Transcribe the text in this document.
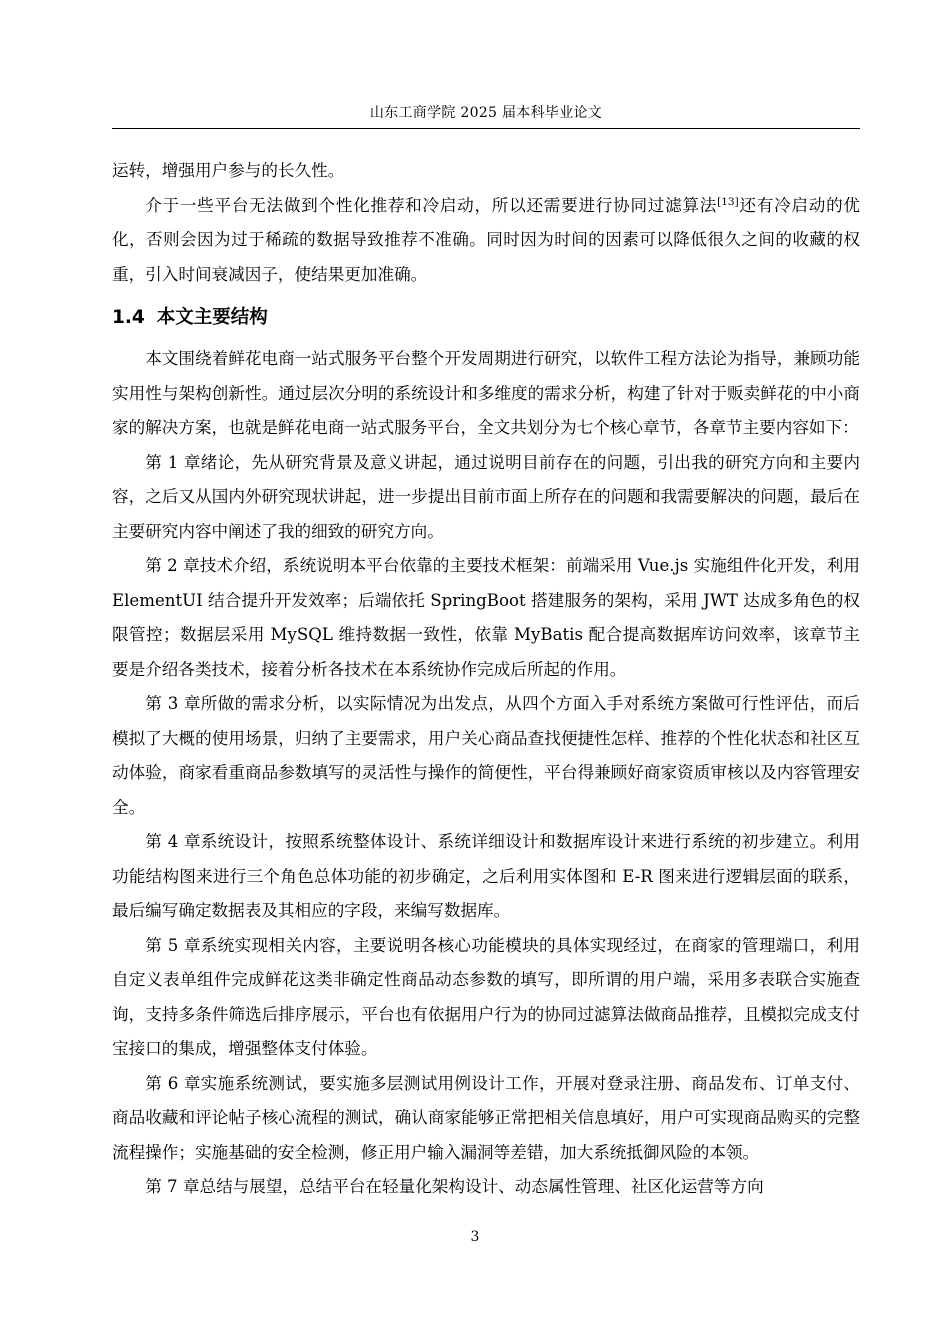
山东工商学院 2025 届本科毕业论文

运转，增强用户参与的长久性。

介于一些平台无法做到个性化推荐和冷启动，所以还需要进行协同过滤算法[13]还有冷启动的优化，否则会因为过于稀疏的数据导致推荐不准确。同时因为时间的因素可以降低很久之间的收藏的权重，引入时间衰减因子，使结果更加准确。

1.4 本文主要结构

本文围绕着鲜花电商一站式服务平台整个开发周期进行研究，以软件工程方法论为指导，兼顾功能实用性与架构创新性。通过层次分明的系统设计和多维度的需求分析，构建了针对于贩卖鲜花的中小商家的解决方案，也就是鲜花电商一站式服务平台，全文共划分为七个核心章节，各章节主要内容如下：

第 1 章绪论，先从研究背景及意义讲起，通过说明目前存在的问题，引出我的研究方向和主要内容，之后又从国内外研究现状讲起，进一步提出目前市面上所存在的问题和我需要解决的问题，最后在主要研究内容中阐述了我的细致的研究方向。

第 2 章技术介绍，系统说明本平台依靠的主要技术框架：前端采用 Vue.js 实施组件化开发，利用 ElementUI 结合提升开发效率；后端依托 SpringBoot 搭建服务的架构，采用 JWT 达成多角色的权限管控；数据层采用 MySQL 维持数据一致性，依靠 MyBatis 配合提高数据库访问效率，该章节主要是介绍各类技术，接着分析各技术在本系统协作完成后所起的作用。

第 3 章所做的需求分析，以实际情况为出发点，从四个方面入手对系统方案做可行性评估，而后模拟了大概的使用场景，归纳了主要需求，用户关心商品查找便捷性怎样、推荐的个性化状态和社区互动体验，商家看重商品参数填写的灵活性与操作的简便性，平台得兼顾好商家资质审核以及内容管理安全。

第 4 章系统设计，按照系统整体设计、系统详细设计和数据库设计来进行系统的初步建立。利用功能结构图来进行三个角色总体功能的初步确定，之后利用实体图和 E-R 图来进行逻辑层面的联系，最后编写确定数据表及其相应的字段，来编写数据库。

第 5 章系统实现相关内容，主要说明各核心功能模块的具体实现经过，在商家的管理端口，利用自定义表单组件完成鲜花这类非确定性商品动态参数的填写，即所谓的用户端，采用多表联合实施查询，支持多条件筛选后排序展示，平台也有依据用户行为的协同过滤算法做商品推荐，且模拟完成支付宝接口的集成，增强整体支付体验。

第 6 章实施系统测试，要实施多层测试用例设计工作，开展对登录注册、商品发布、订单支付、商品收藏和评论帖子核心流程的测试，确认商家能够正常把相关信息填好，用户可实现商品购买的完整流程操作；实施基础的安全检测，修正用户输入漏洞等差错，加大系统抵御风险的本领。

第 7 章总结与展望，总结平台在轻量化架构设计、动态属性管理、社区化运营等方向

3
